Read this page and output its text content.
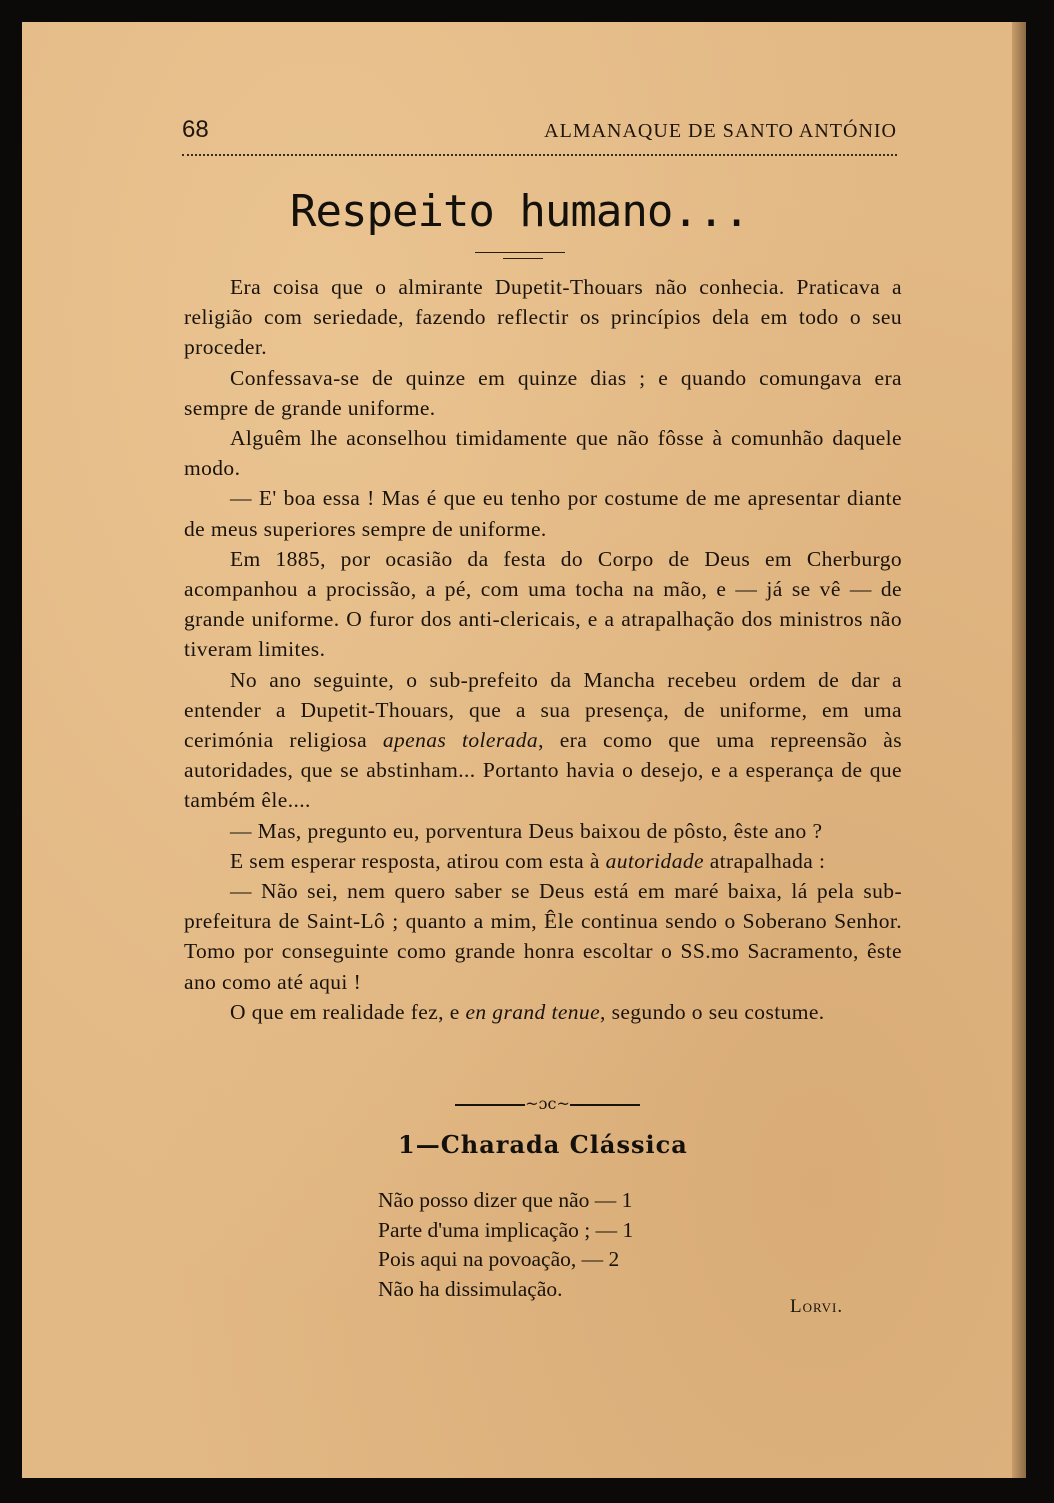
68	ALMANAQUE DE SANTO ANTÓNIO
Respeito humano...

Era coisa que o almirante Dupetit-Thouars não conhecia. Praticava a religião com seriedade, fazendo reflectir os princípios dela em todo o seu proceder.

Confessava-se de quinze em quinze dias ; e quando comungava era sempre de grande uniforme.

Alguêm lhe aconselhou timidamente que não fôsse à comunhão daquele modo.

— E' boa essa ! Mas é que eu tenho por costume de me apresentar diante de meus superiores sempre de uniforme.

Em 1885, por ocasião da festa do Corpo de Deus em Cherburgo acompanhou a procissão, a pé, com uma tocha na mão, e — já se vê — de grande uniforme. O furor dos anti-clericais, e a atrapalhação dos ministros não tiveram limites.

No ano seguinte, o sub-prefeito da Mancha recebeu ordem de dar a entender a Dupetit-Thouars, que a sua presença, de uniforme, em uma cerimónia religiosa apenas tolerada, era como que uma repreensão às autoridades, que se abstinham... Portanto havia o desejo, e a esperança de que também êle....

— Mas, pregunto eu, porventura Deus baixou de pôsto, êste ano ?

E sem esperar resposta, atirou com esta à autoridade atrapalhada :

— Não sei, nem quero saber se Deus está em maré baixa, lá pela sub-prefeitura de Saint-Lô ; quanto a mim, Êle continua sendo o Soberano Senhor. Tomo por conseguinte como grande honra escoltar o SS.mo Sacramento, êste ano como até aqui !

O que em realidade fez, e en grand tenue, segundo o seu costume.

~ɔc~
1—Charada Clássica
Não posso dizer que não — 1
Parte d'uma implicação ; — 1
Pois aqui na povoação, — 2
Não ha dissimulação.
Lorvi.
